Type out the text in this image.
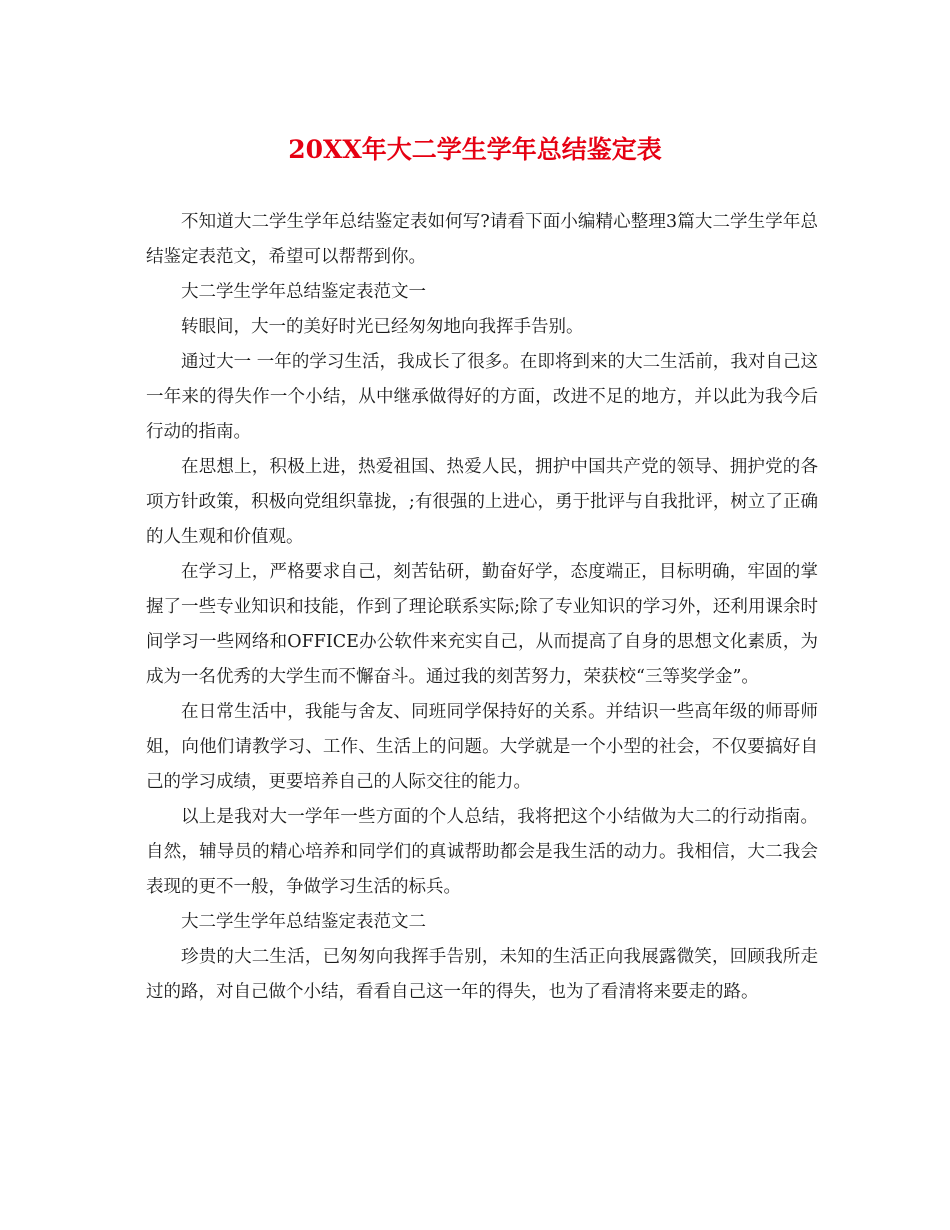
20XX年大二学生学年总结鉴定表

不知道大二学生学年总结鉴定表如何写?请看下面小编精心整理3篇大二学生学年总结鉴定表范文，希望可以帮帮到你。

大二学生学年总结鉴定表范文一

转眼间，大一的美好时光已经匆匆地向我挥手告别。

通过大一 一年的学习生活，我成长了很多。在即将到来的大二生活前，我对自己这一年来的得失作一个小结，从中继承做得好的方面，改进不足的地方，并以此为我今后行动的指南。

在思想上，积极上进，热爱祖国、热爱人民，拥护中国共产党的领导、拥护党的各项方针政策，积极向党组织靠拢，;有很强的上进心，勇于批评与自我批评，树立了正确的人生观和价值观。

在学习上，严格要求自己，刻苦钻研，勤奋好学，态度端正，目标明确，牢固的掌握了一些专业知识和技能，作到了理论联系实际;除了专业知识的学习外，还利用课余时间学习一些网络和OFFICE办公软件来充实自己，从而提高了自身的思想文化素质，为成为一名优秀的大学生而不懈奋斗。通过我的刻苦努力，荣获校“三等奖学金”。

在日常生活中，我能与舍友、同班同学保持好的关系。并结识一些高年级的师哥师姐，向他们请教学习、工作、生活上的问题。大学就是一个小型的社会，不仅要搞好自己的学习成绩，更要培养自己的人际交往的能力。

以上是我对大一学年一些方面的个人总结，我将把这个小结做为大二的行动指南。自然，辅导员的精心培养和同学们的真诚帮助都会是我生活的动力。我相信，大二我会表现的更不一般，争做学习生活的标兵。

大二学生学年总结鉴定表范文二

珍贵的大二生活，已匆匆向我挥手告别，未知的生活正向我展露微笑，回顾我所走过的路，对自己做个小结，看看自己这一年的得失，也为了看清将来要走的路。
